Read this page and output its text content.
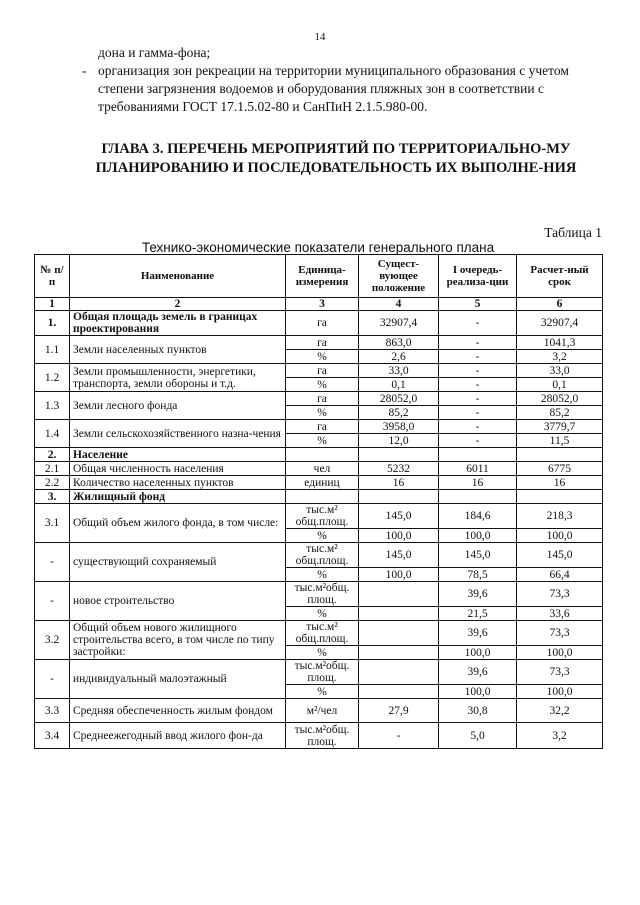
14

дона и гамма-фона;

- организация зон рекреации на территории муниципального образования с учетом степени загрязнения водоемов и оборудования пляжных зон в соответствии с требованиями ГОСТ 17.1.5.02-80 и СанПиН 2.1.5.980-00.

ГЛАВА 3. ПЕРЕЧЕНЬ МЕРОПРИЯТИЙ ПО ТЕРРИТОРИАЛЬНО-МУ ПЛАНИРОВАНИЮ И ПОСЛЕДОВАТЕЛЬНОСТЬ ИХ ВЫПОЛНЕ-НИЯ
Таблица 1
Технико-экономические показатели генерального плана
№ п/п	Наименование	Единица-измерения	Сущест-вующее положение	I очередь-реализа-ции	Расчет-ный срок
1	2	3	4	5	6
1.	Общая площадь земель в границах проектирования	га	32907,4	-	32907,4
1.1	Земли населенных пунктов	га	863,0	-	1041,3
		%	2,6	-	3,2
1.2	Земли промышленности, энергетики, транспорта, земли обороны и т.д.	га	33,0	-	33,0
		%	0,1	-	0,1
1.3	Земли лесного фонда	га	28052,0	-	28052,0
		%	85,2	-	85,2
1.4	Земли сельскохозяйственного назна-чения	га	3958,0	-	3779,7
		%	12,0	-	11,5
2.	Население				
2.1	Общая численность населения	чел	5232	6011	6775
2.2	Количество населенных пунктов	единиц	16	16	16
3.	Жилищный фонд				
3.1	Общий объем жилого фонда, в том числе:	тыс.м² общ.площ.	145,0	184,6	218,3
		%	100,0	100,0	100,0
-	существующий сохраняемый	тыс.м² общ.площ.	145,0	145,0	145,0
		%	100,0	78,5	66,4
-	новое строительство	тыс.м²общ. площ.		39,6	73,3
		%		21,5	33,6
3.2	Общий объем нового жилищного строительства всего, в том числе по типу застройки:	тыс.м² общ.площ.		39,6	73,3
		%		100,0	100,0
-	индивидуальный малоэтажный	тыс.м²общ. площ.		39,6	73,3
		%		100,0	100,0
3.3	Средняя обеспеченность жилым фондом	м²/чел	27,9	30,8	32,2
3.4	Среднеежегодный ввод жилого фон-да	тыс.м²общ. площ.	-	5,0	3,2
